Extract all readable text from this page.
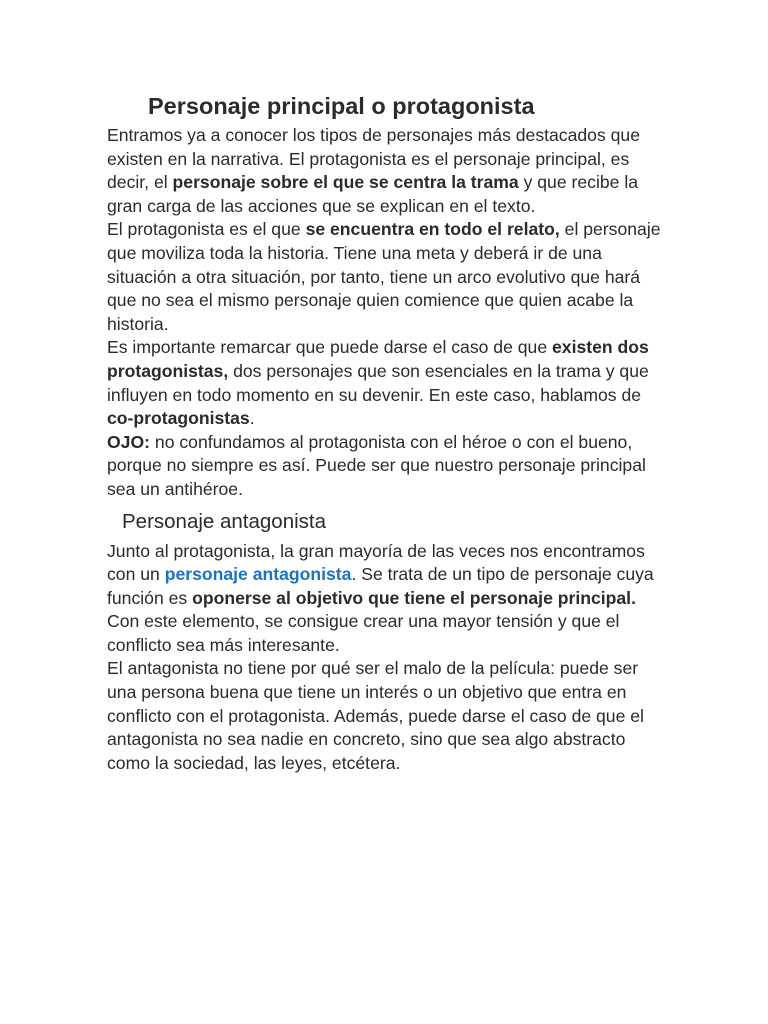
Personaje principal o protagonista

Entramos ya a conocer los tipos de personajes más destacados que existen en la narrativa. El protagonista es el personaje principal, es decir, el personaje sobre el que se centra la trama y que recibe la gran carga de las acciones que se explican en el texto.

El protagonista es el que se encuentra en todo el relato, el personaje que moviliza toda la historia. Tiene una meta y deberá ir de una situación a otra situación, por tanto, tiene un arco evolutivo que hará que no sea el mismo personaje quien comience que quien acabe la historia.

Es importante remarcar que puede darse el caso de que existen dos protagonistas, dos personajes que son esenciales en la trama y que influyen en todo momento en su devenir. En este caso, hablamos de co-protagonistas.

OJO: no confundamos al protagonista con el héroe o con el bueno, porque no siempre es así. Puede ser que nuestro personaje principal sea un antihéroe.

Personaje antagonista

Junto al protagonista, la gran mayoría de las veces nos encontramos con un personaje antagonista. Se trata de un tipo de personaje cuya función es oponerse al objetivo que tiene el personaje principal. Con este elemento, se consigue crear una mayor tensión y que el conflicto sea más interesante.

El antagonista no tiene por qué ser el malo de la película: puede ser una persona buena que tiene un interés o un objetivo que entra en conflicto con el protagonista. Además, puede darse el caso de que el antagonista no sea nadie en concreto, sino que sea algo abstracto como la sociedad, las leyes, etcétera.
